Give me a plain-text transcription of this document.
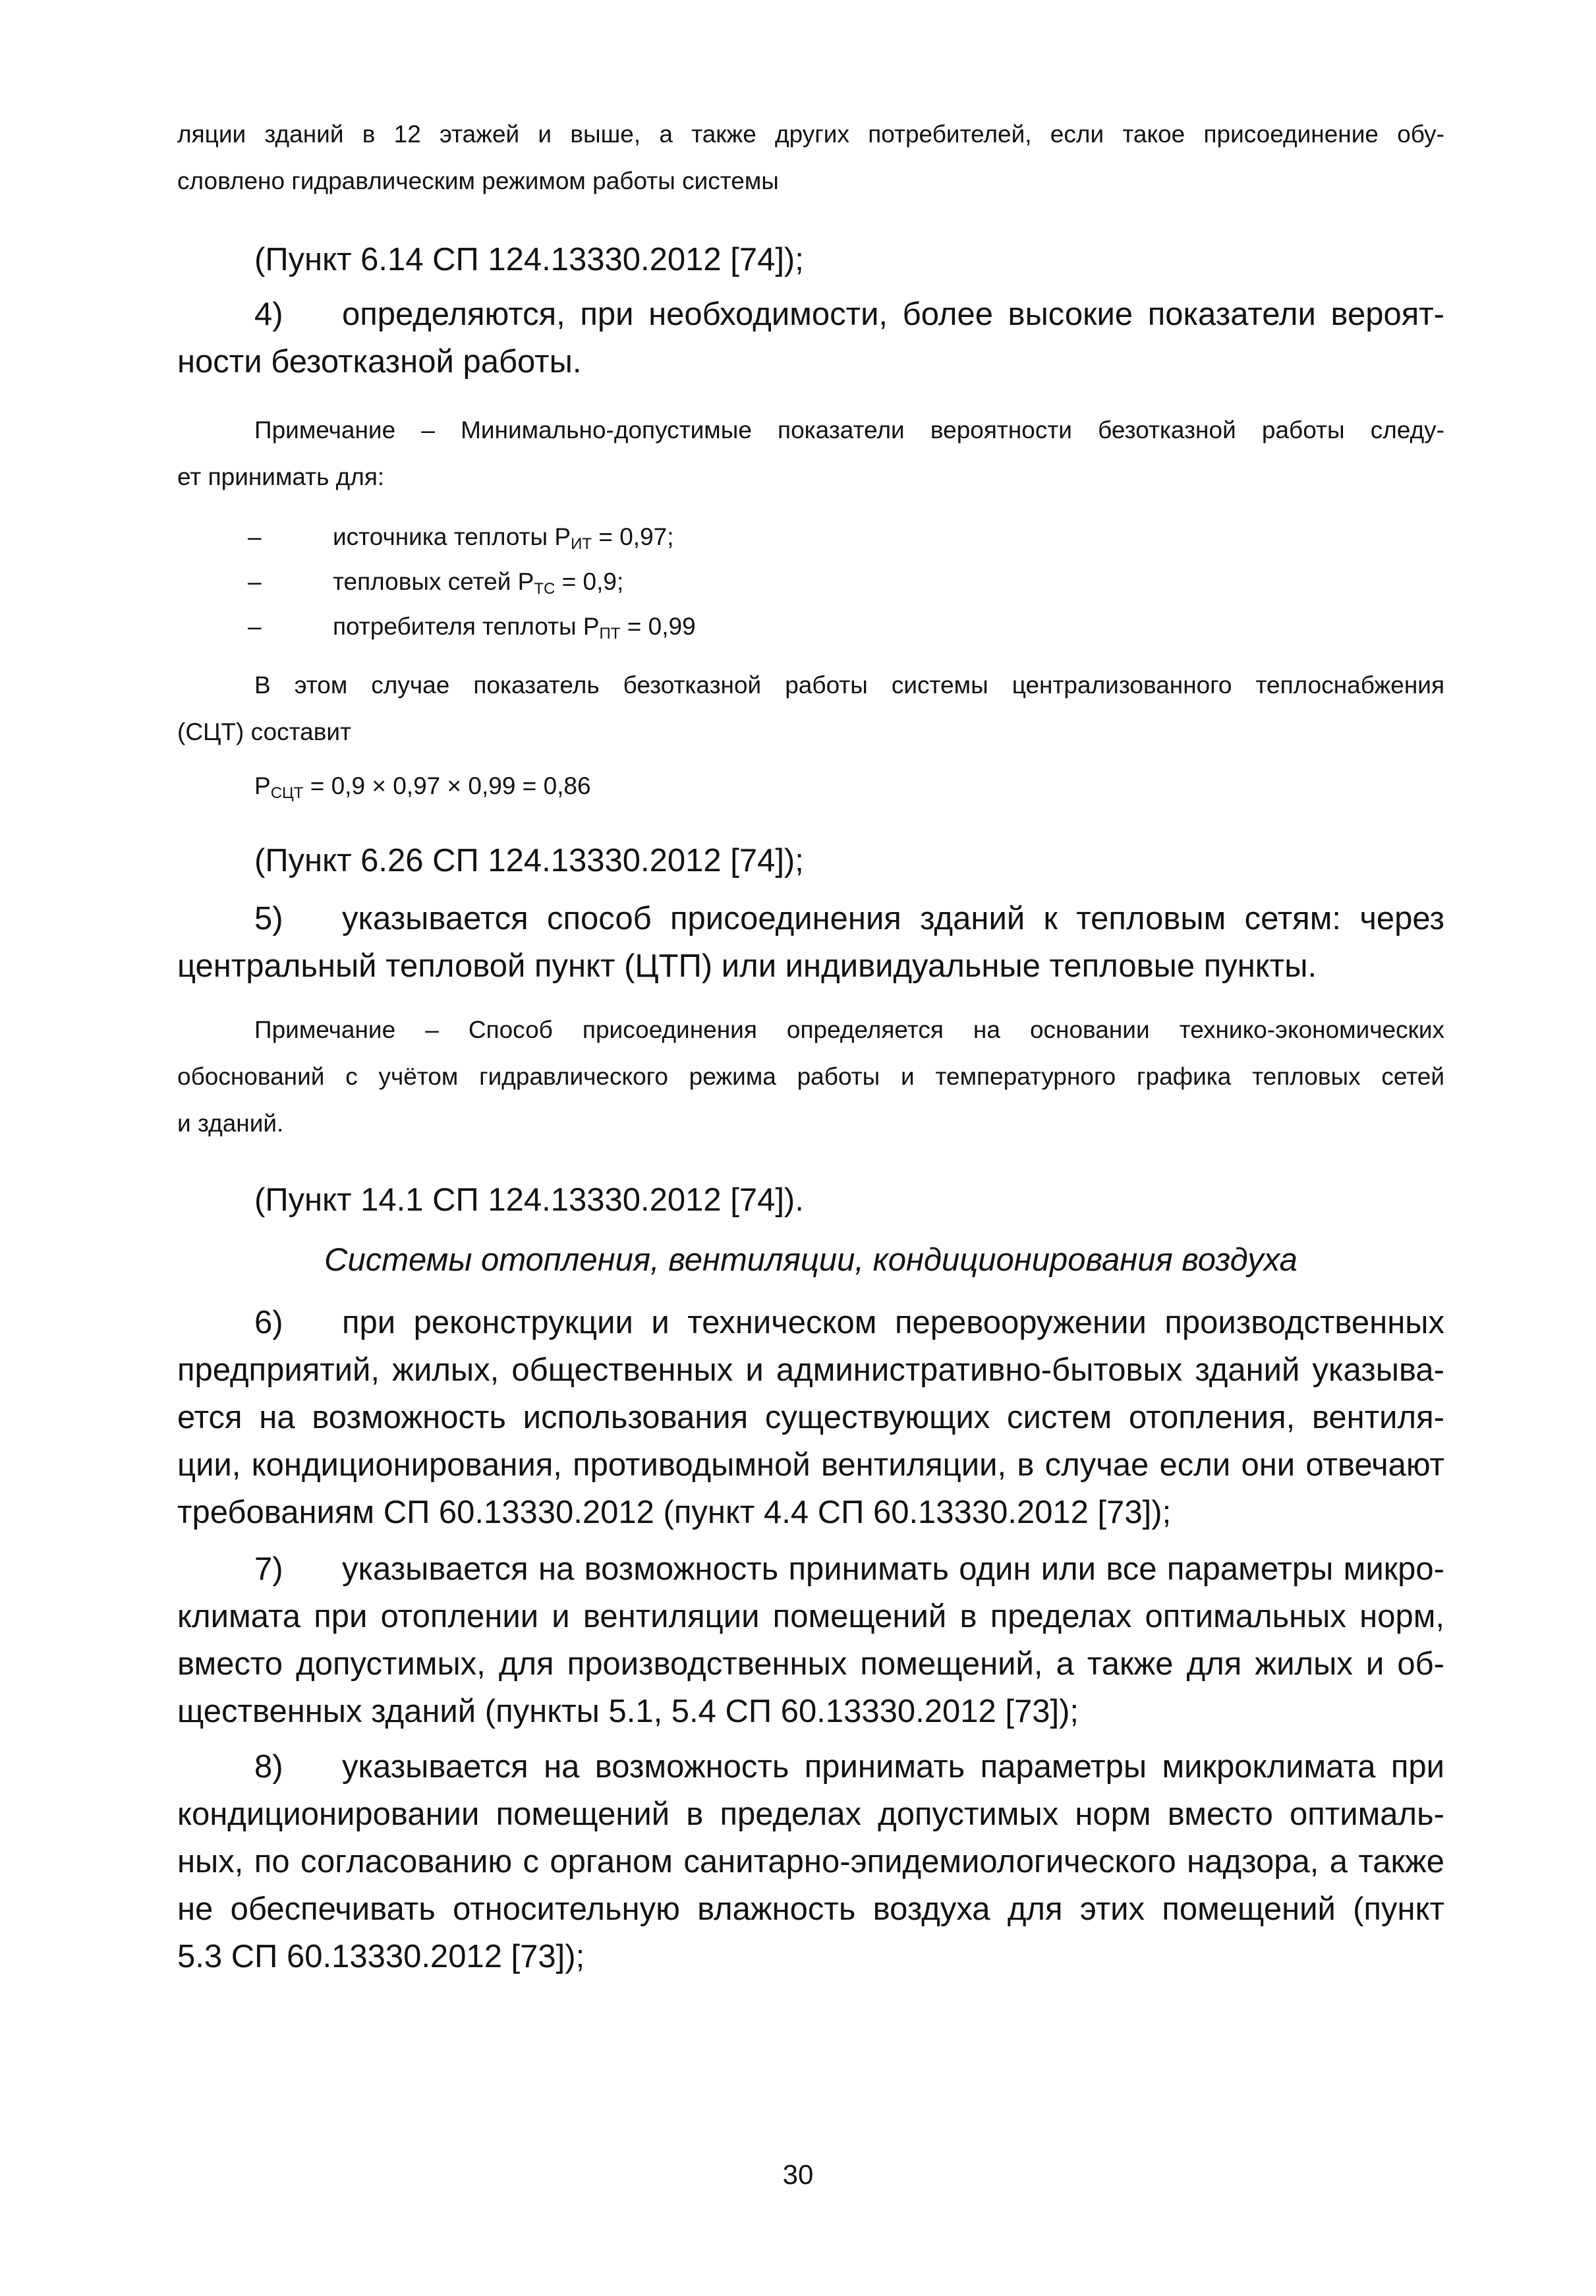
ляции зданий в 12 этажей и выше, а также других потребителей, если такое присоединение обу-
словлено гидравлическим режимом работы системы
(Пункт 6.14 СП 124.13330.2012 [74]);
4) определяются, при необходимости, более высокие показатели вероят-
ности безотказной работы.
Примечание – Минимально-допустимые показатели вероятности безотказной работы следу-
ет принимать для:
–	источника теплоты $P_{ИТ} = 0,97$;
–	тепловых сетей $P_{ТС} = 0,9$;
–	потребителя теплоты $P_{ПТ} = 0,99$
В этом случае показатель безотказной работы системы централизованного теплоснабжения
(СЦТ) составит
$P_{СЦТ} = 0,9 \times 0,97 \times 0,99 = 0,86$
(Пункт 6.26 СП 124.13330.2012 [74]);
5) указывается способ присоединения зданий к тепловым сетям: через
центральный тепловой пункт (ЦТП) или индивидуальные тепловые пункты.
Примечание – Способ присоединения определяется на основании технико-экономических
обоснований с учётом гидравлического режима работы и температурного графика тепловых сетей
и зданий.
(Пункт 14.1 СП 124.13330.2012 [74]).
Системы отопления, вентиляции, кондиционирования воздуха
6) при реконструкции и техническом перевооружении производственных
предприятий, жилых, общественных и административно-бытовых зданий указыва-
ется на возможность использования существующих систем отопления, вентиля-
ции, кондиционирования, противодымной вентиляции, в случае если они отвечают
требованиям СП 60.13330.2012 (пункт 4.4 СП 60.13330.2012 [73]);
7) указывается на возможность принимать один или все параметры микро-
климата при отоплении и вентиляции помещений в пределах оптимальных норм,
вместо допустимых, для производственных помещений, а также для жилых и об-
щественных зданий (пункты 5.1, 5.4 СП 60.13330.2012 [73]);
8) указывается на возможность принимать параметры микроклимата при
кондиционировании помещений в пределах допустимых норм вместо оптималь-
ных, по согласованию с органом санитарно-эпидемиологического надзора, а также
не обеспечивать относительную влажность воздуха для этих помещений (пункт
5.3 СП 60.13330.2012 [73]);
30
